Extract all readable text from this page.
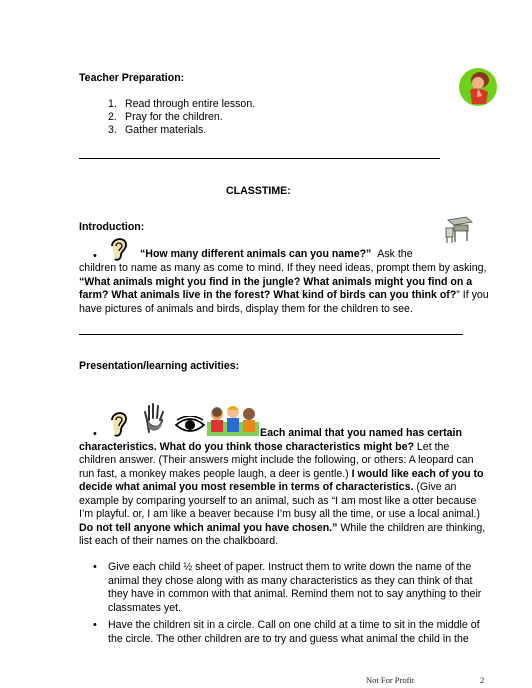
Teacher Preparation:
1. Read through entire lesson.
2. Pray for the children.
3. Gather materials.
CLASSTIME:
Introduction:
•	“How many different animals can you name?” Ask the

children to name as many as come to mind. If they need ideas, prompt them by asking, “What animals might you find in the jungle? What animals might you find on a farm? What animals live in the forest? What kind of birds can you think of?” If you have pictures of animals and birds, display them for the children to see.

Presentation/learning activities:
•	Each animal that you named has certain characteristics. What do you think those characteristics might be? Let the children answer. (Their answers might include the following, or others: A leopard can run fast, a monkey makes people laugh, a deer is gentle.) I would like each of you to decide what animal you most resemble in terms of characteristics. (Give an example by comparing yourself to an animal, such as “I am most like a otter because I’m playful. or, I am like a beaver because I’m busy all the time, or use a local animal.) Do not tell anyone which animal you have chosen.” While the children are thinking, list each of their names on the chalkboard.

• Give each child ½ sheet of paper. Instruct them to write down the name of the animal they chose along with as many characteristics as they can think of that they have in common with that animal. Remind them not to say anything to their classmates yet.
• Have the children sit in a circle. Call on one child at a time to sit in the middle of the circle. The other children are to try and guess what animal the child in the
Not For Profit	2
